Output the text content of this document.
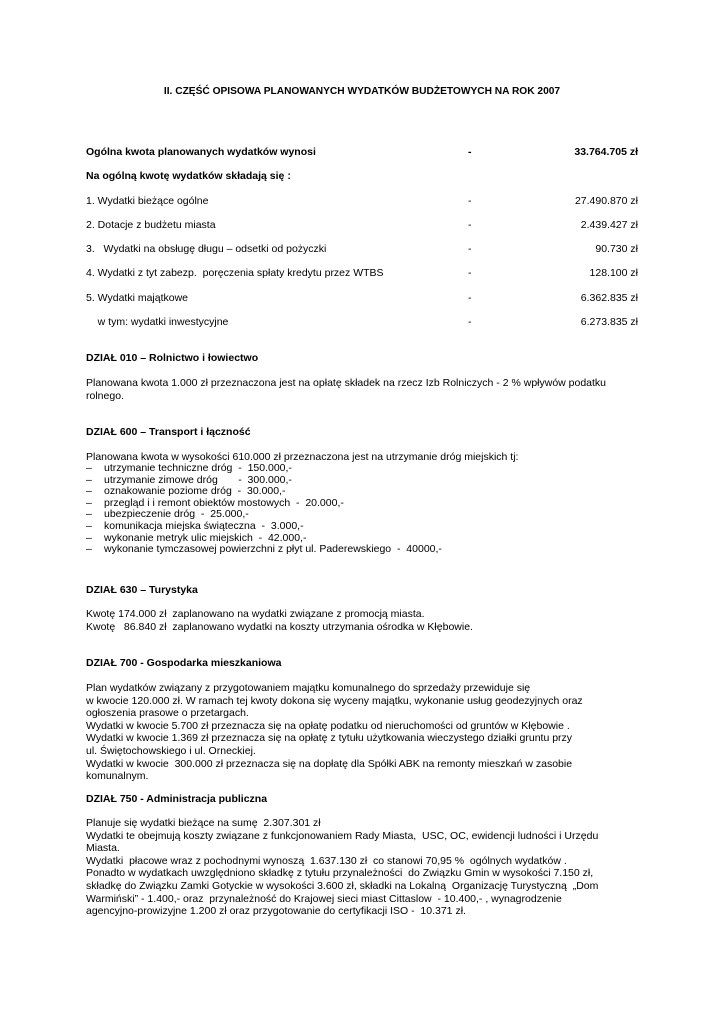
II. CZĘŚĆ OPISOWA PLANOWANYCH WYDATKÓW BUDŻETOWYCH NA ROK 2007
Ogólna kwota planowanych wydatków wynosi	-	33.764.705 zł
Na ogólną kwotę wydatków składają się :
1. Wydatki bieżące ogólne	-	27.490.870 zł
2. Dotacje z budżetu miasta	-	2.439.427 zł
3.   Wydatki na obsługę długu – odsetki od pożyczki	-	90.730 zł
4. Wydatki z tyt zabezp.  poręczenia spłaty kredytu przez WTBS	-	128.100 zł
5. Wydatki majątkowe	-	6.362.835 zł
w tym: wydatki inwestycyjne	-	6.273.835 zł
DZIAŁ 010 – Rolnictwo i łowiectwo
Planowana kwota 1.000 zł przeznaczona jest na opłatę składek na rzecz Izb Rolniczych - 2 % wpływów podatku
rolnego.
DZIAŁ 600 – Transport i łączność
Planowana kwota w wysokości 610.000 zł przeznaczona jest na utrzymanie dróg miejskich tj:
– utrzymanie techniczne dróg  -  150.000,-
– utrzymanie zimowe dróg       -  300.000,-
– oznakowanie poziome dróg  -  30.000,-
– przegląd i i remont obiektów mostowych  -  20.000,-
– ubezpieczenie dróg  -  25.000,-
– komunikacja miejska świątecznа  -  3.000,-
– wykonanie metryk ulic miejskich  -  42.000,-
– wykonanie tymczasowej powierzchni z płyt ul. Paderewskiego  -  40000,-
DZIAŁ 630 – Turystyka
Kwotę 174.000 zł  zaplanowano na wydatki związane z promocją miasta.
Kwotę   86.840 zł  zaplanowano wydatki na koszty utrzymania ośrodka w Kłębowie.
DZIAŁ 700 - Gospodarka mieszkaniowa
Plan wydatków związany z przygotowaniem majątku komunalnego do sprzedaży przewiduje się
w kwocie 120.000 zł. W ramach tej kwoty dokona się wyceny majątku, wykonanie usług geodezyjnych oraz
ogłoszenia prasowe o przetargach.
Wydatki w kwocie 5.700 zł przeznacza się na opłatę podatku od nieruchomości od gruntów w Kłębowie .
Wydatki w kwocie 1.369 zł przeznacza się na opłatę z tytułu użytkowania wieczystego działki gruntu przy
ul. Świętochowskiego i ul. Orneckiej.
Wydatki w kwocie  300.000 zł przeznacza się na dopłatę dla Spółki ABK na remonty mieszkań w zasobie
komunalnym.
DZIAŁ 750 - Administracja publiczna
Planuje się wydatki bieżące na sumę  2.307.301 zł
Wydatki te obejmują koszty związane z funkcjonowaniem Rady Miasta,  USC, OC, ewidencji ludności i Urzędu
Miasta.
Wydatki  płacowe wraz z pochodnymi wynoszą  1.637.130 zł  co stanowi 70,95 %  ogólnych wydatków .
Ponadto w wydatkach uwzględniono składkę z tytułu przynależności  do Związku Gmin w wysokości 7.150 zł,
składkę do Związku Zamki Gotyckie w wysokości 3.600 zł, składki na Lokalną  Organizację Turystyczną  „Dom
Warmiński” - 1.400,- oraz  przynależność do Krajowej sieci miast Cittaslow  - 10.400,- , wynagrodzenie
agencyjno-prowizyjne 1.200 zł oraz przygotowanie do certyfikacji ISO -  10.371 zł.
